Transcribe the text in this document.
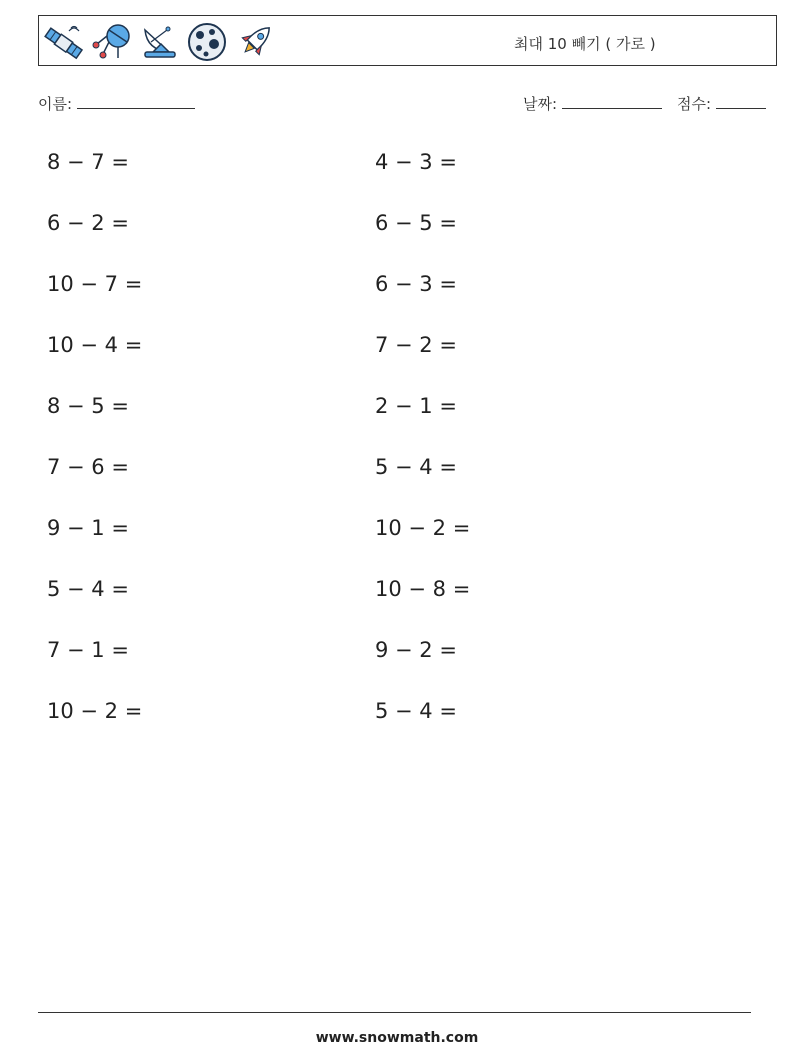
최대 10 빼기 ( 가로 )
이름:	날짜:	점수:
8 − 7 =
6 − 2 =
10 − 7 =
10 − 4 =
8 − 5 =
7 − 6 =
9 − 1 =
5 − 4 =
7 − 1 =
10 − 2 =
4 − 3 =
6 − 5 =
6 − 3 =
7 − 2 =
2 − 1 =
5 − 4 =
10 − 2 =
10 − 8 =
9 − 2 =
5 − 4 =
www.snowmath.com
